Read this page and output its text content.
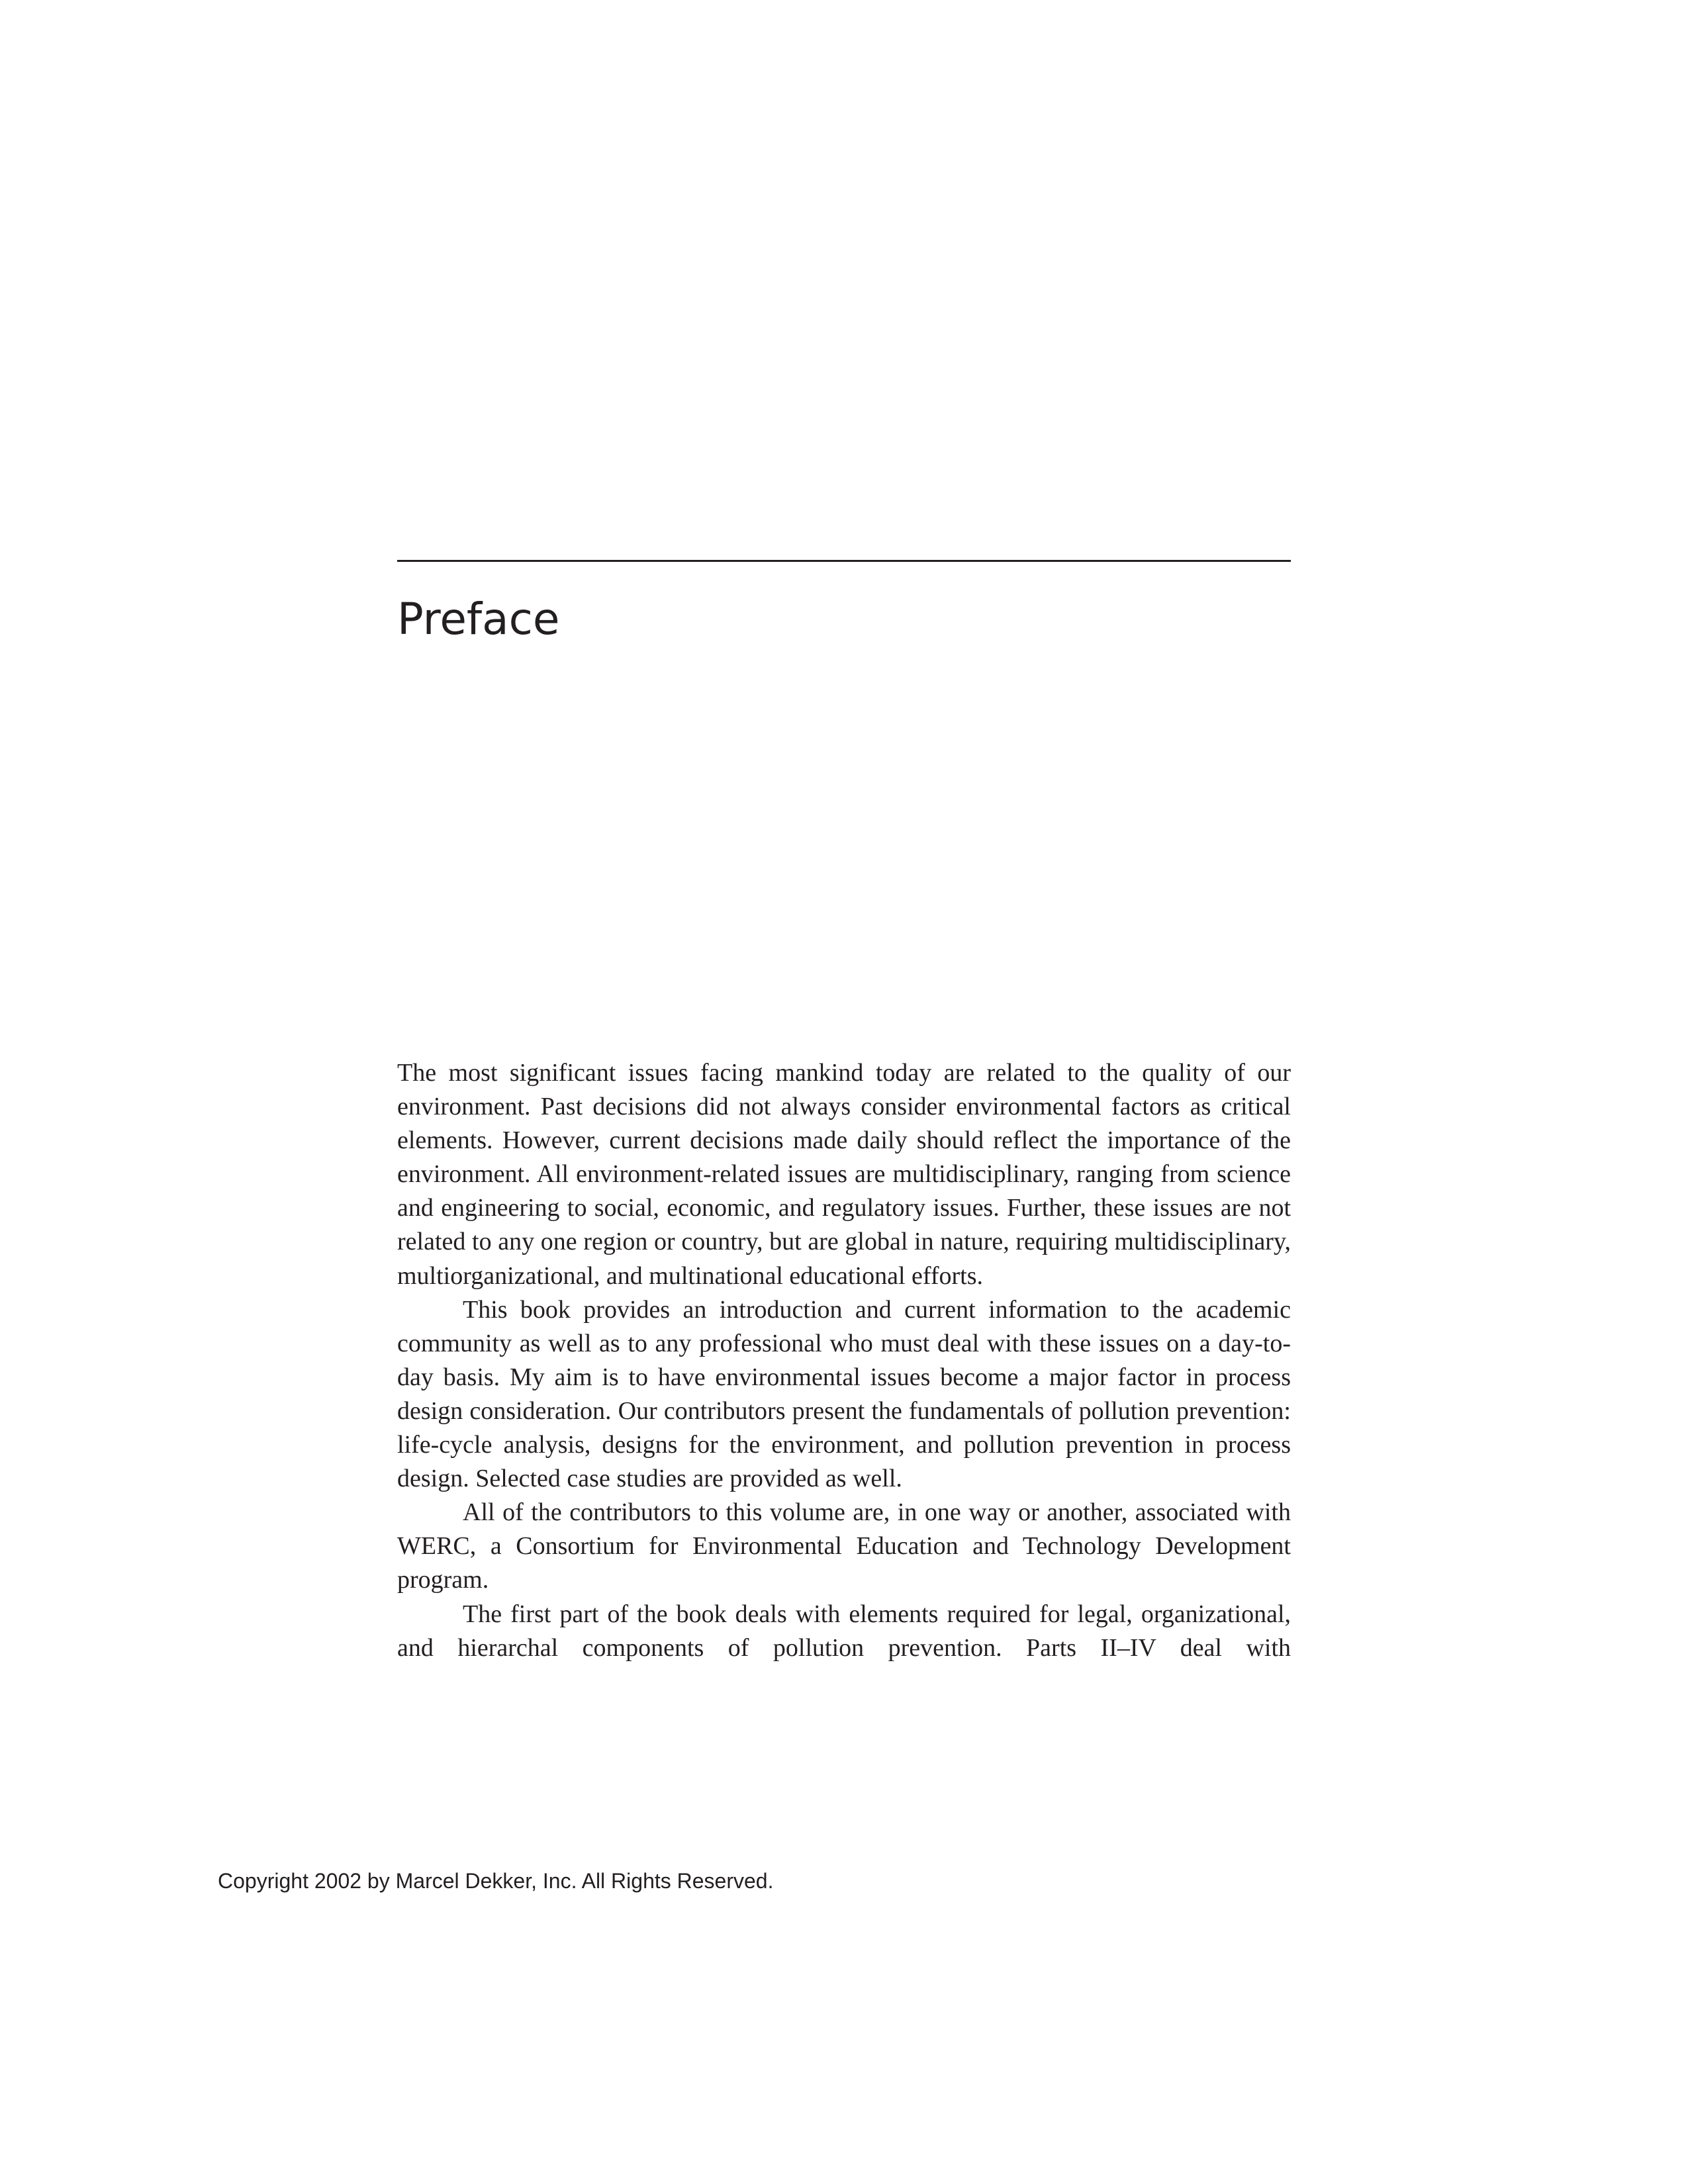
Preface

The most significant issues facing mankind today are related to the quality of our environment. Past decisions did not always consider environmental factors as critical elements. However, current decisions made daily should reflect the importance of the environment. All environment-related issues are multidisciplinary, ranging from science and engineering to social, economic, and regulatory issues. Further, these issues are not related to any one region or country, but are global in nature, requiring multidisciplinary, multiorganizational, and multinational educational efforts.

This book provides an introduction and current information to the academic community as well as to any professional who must deal with these issues on a day-to-day basis. My aim is to have environmental issues become a major factor in process design consideration. Our contributors present the fundamentals of pollution prevention: life-cycle analysis, designs for the environment, and pollution prevention in process design. Selected case studies are provided as well.

All of the contributors to this volume are, in one way or another, associated with WERC, a Consortium for Environmental Education and Technology Development program.

The first part of the book deals with elements required for legal, organizational, and hierarchal components of pollution prevention. Parts II–IV deal with

Copyright 2002 by Marcel Dekker, Inc. All Rights Reserved.
